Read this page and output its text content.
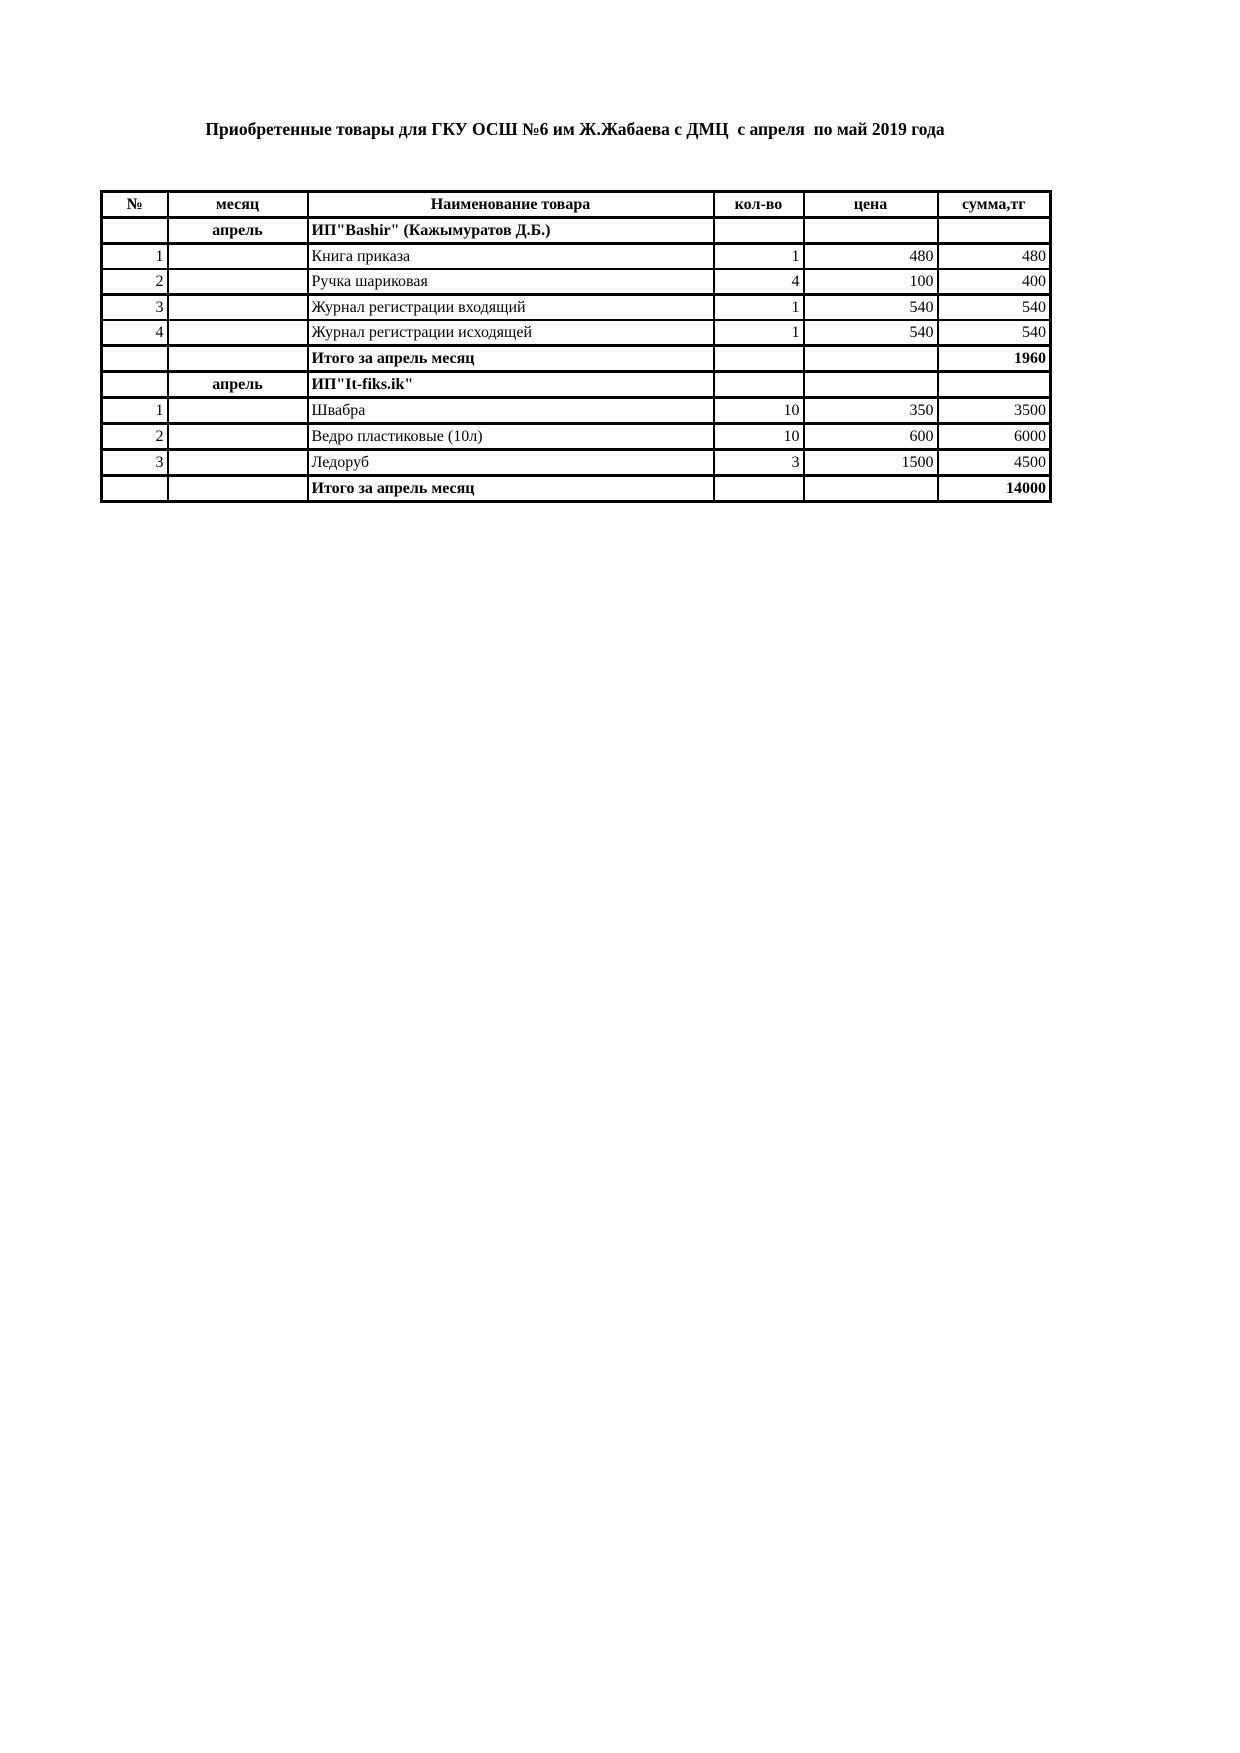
Приобретенные товары для ГКУ ОСШ №6 им Ж.Жабаева с ДМЦ  с апреля  по май 2019 года
№	месяц	Наименование товара	кол-во	цена	сумма,тг
	апрель	ИП"Bashir" (Кажымуратов Д.Б.)			
1		Книга приказа	1	480	480
2		Ручка шариковая	4	100	400
3		Журнал регистрации входящий	1	540	540
4		Журнал регистрации исходящей	1	540	540
		Итого за апрель месяц			1960
	апрель	ИП"It-fiks.ik"			
1		Швабра	10	350	3500
2		Ведро пластиковые (10л)	10	600	6000
3		Ледоруб	3	1500	4500
		Итого за апрель месяц			14000
